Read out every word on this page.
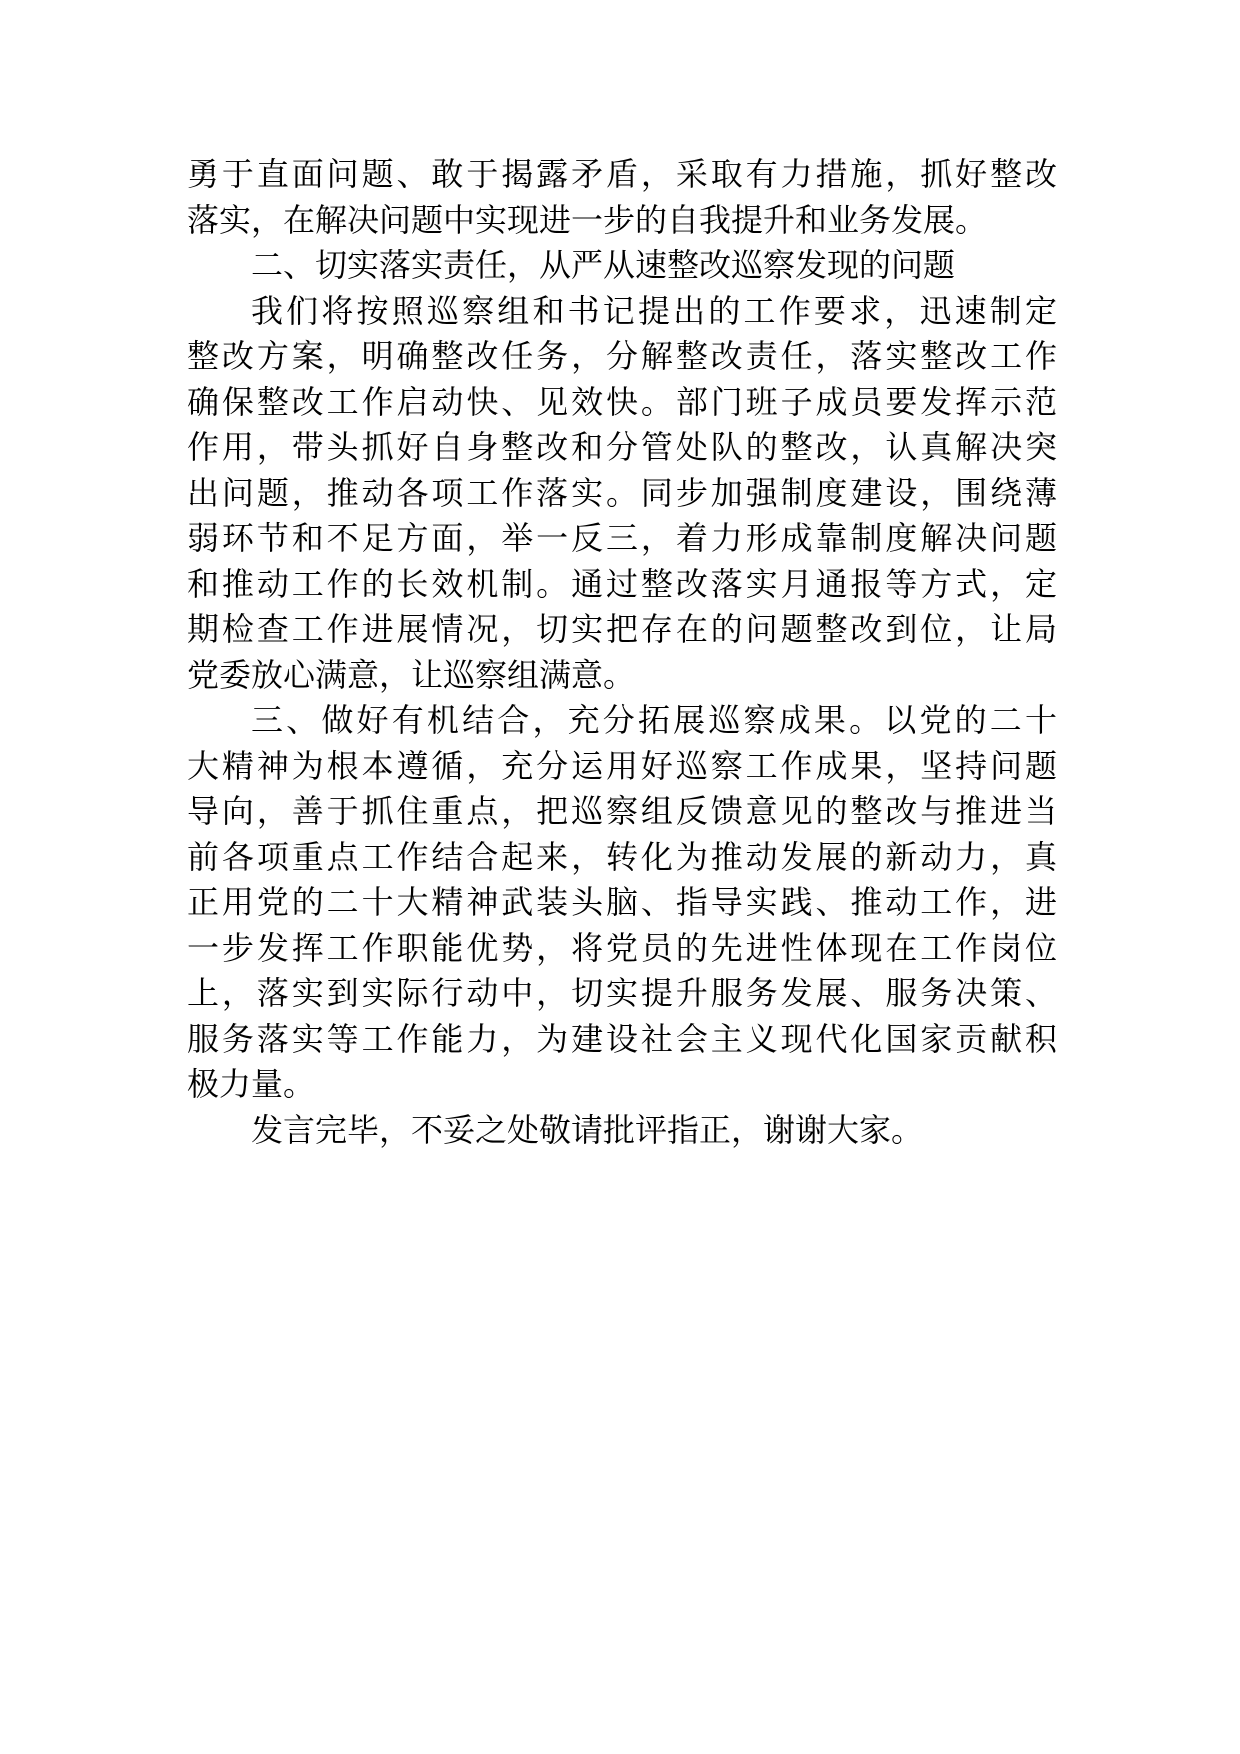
勇于直面问题、敢于揭露矛盾，采取有力措施，抓好整改
落实，在解决问题中实现进一步的自我提升和业务发展。
二、切实落实责任，从严从速整改巡察发现的问题
我们将按照巡察组和书记提出的工作要求，迅速制定
整改方案，明确整改任务，分解整改责任，落实整改工作
确保整改工作启动快、见效快。部门班子成员要发挥示范
作用，带头抓好自身整改和分管处队的整改，认真解决突
出问题，推动各项工作落实。同步加强制度建设，围绕薄
弱环节和不足方面，举一反三，着力形成靠制度解决问题
和推动工作的长效机制。通过整改落实月通报等方式，定
期检查工作进展情况，切实把存在的问题整改到位，让局
党委放心满意，让巡察组满意。
三、做好有机结合，充分拓展巡察成果。以党的二十
大精神为根本遵循，充分运用好巡察工作成果，坚持问题
导向，善于抓住重点，把巡察组反馈意见的整改与推进当
前各项重点工作结合起来，转化为推动发展的新动力，真
正用党的二十大精神武装头脑、指导实践、推动工作，进
一步发挥工作职能优势，将党员的先进性体现在工作岗位
上，落实到实际行动中，切实提升服务发展、服务决策、
服务落实等工作能力，为建设社会主义现代化国家贡献积
极力量。
发言完毕，不妥之处敬请批评指正，谢谢大家。
